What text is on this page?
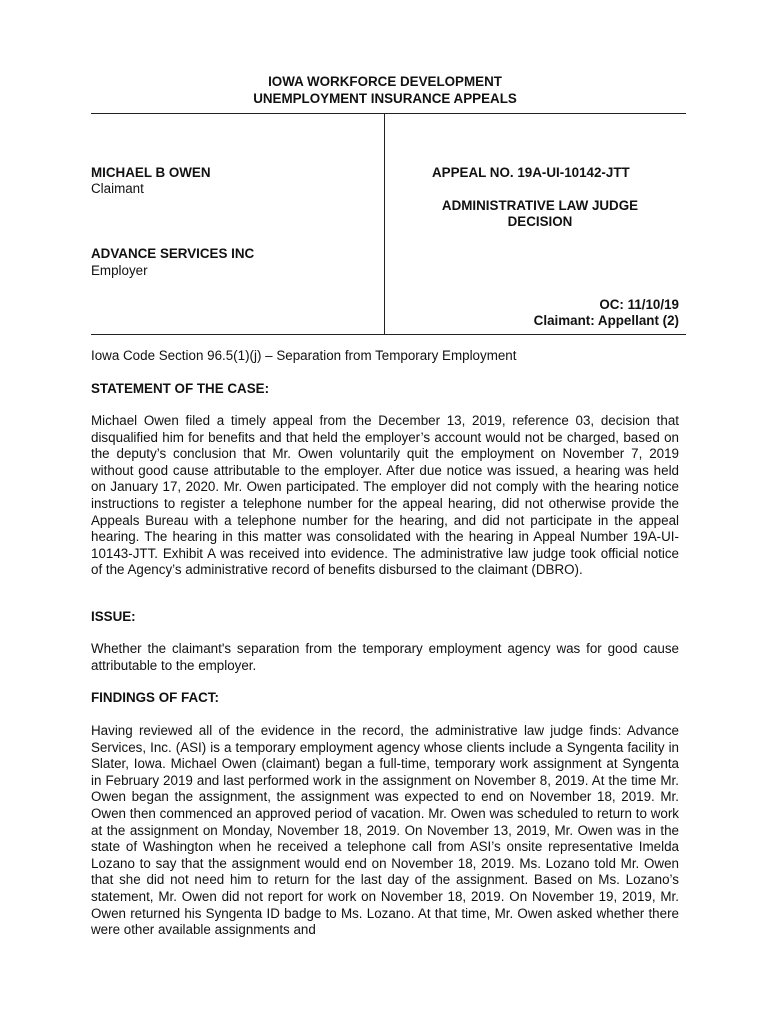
IOWA WORKFORCE DEVELOPMENT
UNEMPLOYMENT INSURANCE APPEALS
MICHAEL B OWEN
Claimant
ADVANCE SERVICES INC
Employer
APPEAL NO. 19A-UI-10142-JTT
ADMINISTRATIVE LAW JUDGE
DECISION
OC: 11/10/19
Claimant: Appellant (2)
Iowa Code Section 96.5(1)(j) – Separation from Temporary Employment
STATEMENT OF THE CASE:
Michael Owen filed a timely appeal from the December 13, 2019, reference 03, decision that disqualified him for benefits and that held the employer’s account would not be charged, based on the deputy’s conclusion that Mr. Owen voluntarily quit the employment on November 7, 2019 without good cause attributable to the employer. After due notice was issued, a hearing was held on January 17, 2020. Mr. Owen participated. The employer did not comply with the hearing notice instructions to register a telephone number for the appeal hearing, did not otherwise provide the Appeals Bureau with a telephone number for the hearing, and did not participate in the appeal hearing. The hearing in this matter was consolidated with the hearing in Appeal Number 19A-UI-10143-JTT. Exhibit A was received into evidence. The administrative law judge took official notice of the Agency’s administrative record of benefits disbursed to the claimant (DBRO).
ISSUE:
Whether the claimant's separation from the temporary employment agency was for good cause attributable to the employer.
FINDINGS OF FACT:
Having reviewed all of the evidence in the record, the administrative law judge finds: Advance Services, Inc. (ASI) is a temporary employment agency whose clients include a Syngenta facility in Slater, Iowa. Michael Owen (claimant) began a full-time, temporary work assignment at Syngenta in February 2019 and last performed work in the assignment on November 8, 2019. At the time Mr. Owen began the assignment, the assignment was expected to end on November 18, 2019. Mr. Owen then commenced an approved period of vacation. Mr. Owen was scheduled to return to work at the assignment on Monday, November 18, 2019. On November 13, 2019, Mr. Owen was in the state of Washington when he received a telephone call from ASI’s onsite representative Imelda Lozano to say that the assignment would end on November 18, 2019. Ms. Lozano told Mr. Owen that she did not need him to return for the last day of the assignment. Based on Ms. Lozano’s statement, Mr. Owen did not report for work on November 18, 2019. On November 19, 2019, Mr. Owen returned his Syngenta ID badge to Ms. Lozano. At that time, Mr. Owen asked whether there were other available assignments and
